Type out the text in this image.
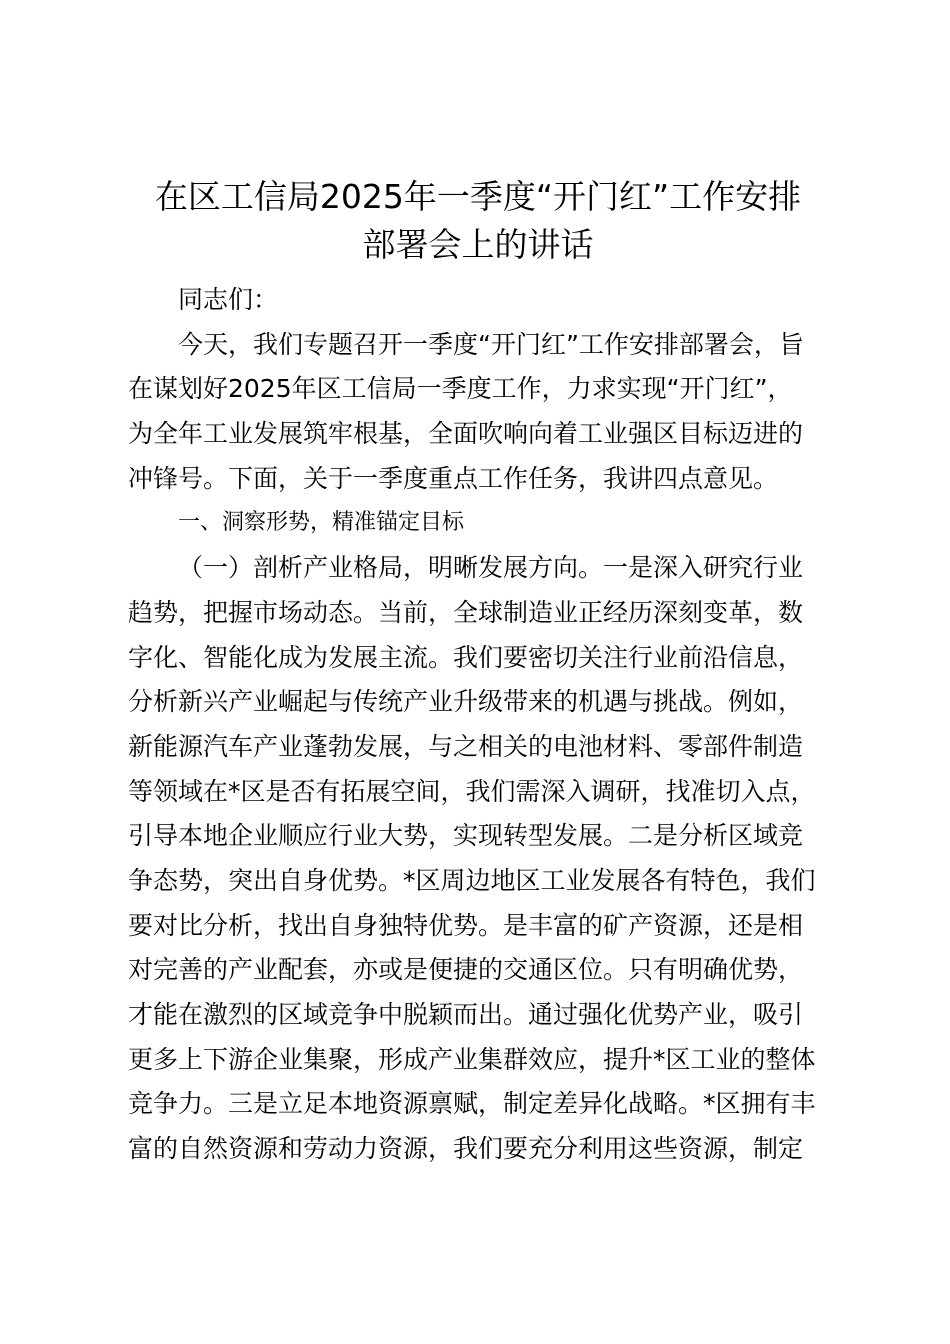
在区工信局2025年一季度“开门红”工作安排
部署会上的讲话
同志们：
今天，我们专题召开一季度“开门红”工作安排部署会，旨
在谋划好2025年区工信局一季度工作，力求实现“开门红”，
为全年工业发展筑牢根基，全面吹响向着工业强区目标迈进的
冲锋号。下面，关于一季度重点工作任务，我讲四点意见。
一、洞察形势，精准锚定目标
（一）剖析产业格局，明晰发展方向。一是深入研究行业
趋势，把握市场动态。当前，全球制造业正经历深刻变革，数
字化、智能化成为发展主流。我们要密切关注行业前沿信息，
分析新兴产业崛起与传统产业升级带来的机遇与挑战。例如，
新能源汽车产业蓬勃发展，与之相关的电池材料、零部件制造
等领域在*区是否有拓展空间，我们需深入调研，找准切入点，
引导本地企业顺应行业大势，实现转型发展。二是分析区域竞
争态势，突出自身优势。*区周边地区工业发展各有特色，我们
要对比分析，找出自身独特优势。是丰富的矿产资源，还是相
对完善的产业配套，亦或是便捷的交通区位。只有明确优势，
才能在激烈的区域竞争中脱颖而出。通过强化优势产业，吸引
更多上下游企业集聚，形成产业集群效应，提升*区工业的整体
竞争力。三是立足本地资源禀赋，制定差异化战略。*区拥有丰
富的自然资源和劳动力资源，我们要充分利用这些资源，制定
